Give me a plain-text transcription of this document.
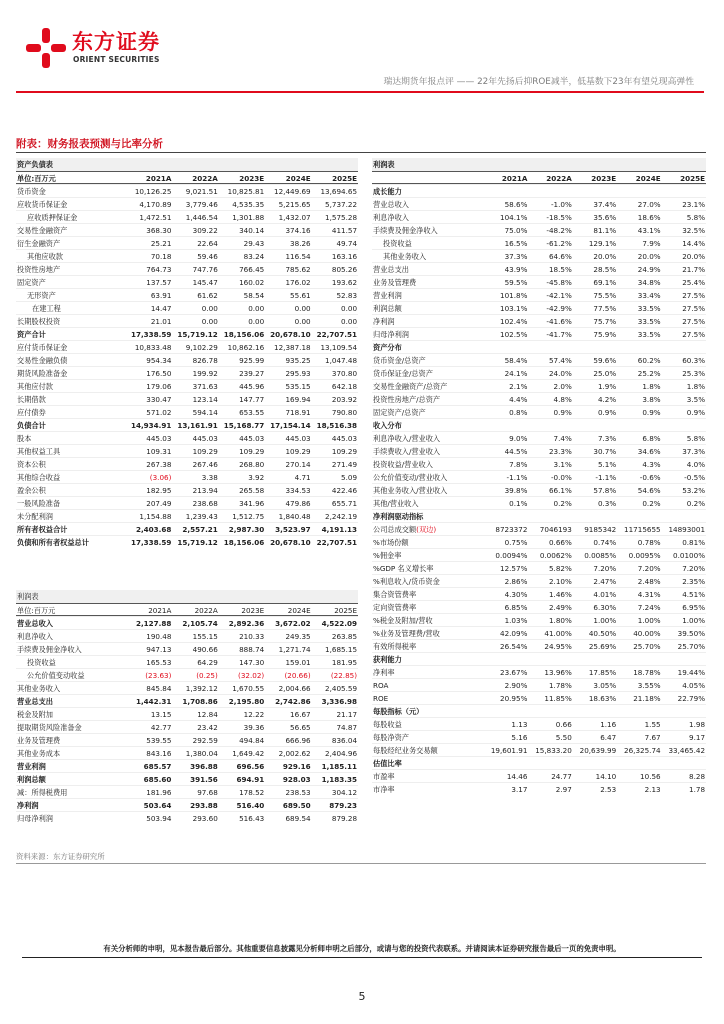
东方证券
ORIENT SECURITIES
瑞达期货年报点评 —— 22年先扬后抑ROE减半，低基数下23年有望兑现高弹性
附表：财务报表预测与比率分析
资产负债表
单位:百万元	2021A	2022A	2023E	2024E	2025E
货币资金	10,126.25	9,021.51	10,825.81	12,449.69	13,694.65
应收货币保证金	4,170.89	3,779.46	4,535.35	5,215.65	5,737.22
应收质押保证金	1,472.51	1,446.54	1,301.88	1,432.07	1,575.28
交易性金融资产	368.30	309.22	340.14	374.16	411.57
衍生金融资产	25.21	22.64	29.43	38.26	49.74
其他应收款	70.18	59.46	83.24	116.54	163.16
投资性房地产	764.73	747.76	766.45	785.62	805.26
固定资产	137.57	145.47	160.02	176.02	193.62
无形资产	63.91	61.62	58.54	55.61	52.83
在建工程	14.47	0.00	0.00	0.00	0.00
长期股权投资	21.01	0.00	0.00	0.00	0.00
资产合计	17,338.59 15,719.12 18,156.06 20,678.10 22,707.51
应付货币保证金	10,833.48	9,102.29	10,862.16	12,387.18	13,109.54
交易性金融负债	954.34	826.78	925.99	935.25	1,047.48
期货风险准备金	176.50	199.92	239.27	295.93	370.80
其他应付款	179.06	371.63	445.96	535.15	642.18
长期借款	330.47	123.14	147.77	169.94	203.92
应付债券	571.02	594.14	653.55	718.91	790.80
负债合计	14,934.91 13,161.91 15,168.77 17,154.14 18,516.38
股本	445.03	445.03	445.03	445.03	445.03
其他权益工具	109.31	109.29	109.29	109.29	109.29
资本公积	267.38	267.46	268.80	270.14	271.49
其他综合收益	(3.06)	3.38	3.92	4.71	5.09
盈余公积	182.95	213.94	265.58	334.53	422.46
一般风险准备	207.49	238.68	341.96	479.86	655.71
未分配利润	1,154.88	1,239.43	1,512.75	1,840.48	2,242.19
所有者权益合计	2,403.68	2,557.21	2,987.30	3,523.97	4,191.13
负债和所有者权益总计	17,338.59 15,719.12 18,156.06 20,678.10 22,707.51
利润表
单位:百万元	2021A	2022A	2023E	2024E	2025E
营业总收入	2,127.88	2,105.74	2,892.36	3,672.02	4,522.09
利息净收入	190.48	155.15	210.33	249.35	263.85
手续费及佣金净收入	947.13	490.66	888.74	1,271.74	1,685.15
投资收益	165.53	64.29	147.30	159.01	181.95
公允价值变动收益	(23.63)	(0.25)	(32.02)	(20.66)	(22.85)
其他业务收入	845.84	1,392.12	1,670.55	2,004.66	2,405.59
营业总支出	1,442.31	1,708.86	2,195.80	2,742.86	3,336.98
税金及附加	13.15	12.84	12.22	16.67	21.17
提取期货风险准备金	42.77	23.42	39.36	56.65	74.87
业务及管理费	539.55	292.59	494.84	666.96	836.04
其他业务成本	843.16	1,380.04	1,649.42	2,002.62	2,404.96
营业利润	685.57	396.88	696.56	929.16	1,185.11
利润总额	685.60	391.56	694.91	928.03	1,183.35
减：所得税费用	181.96	97.68	178.52	238.53	304.12
净利润	503.64	293.88	516.40	689.50	879.23
归母净利润	503.94	293.60	516.43	689.54	879.28
利润表
2021A	2022A	2023E	2024E	2025E
成长能力
营业总收入	58.6%	-1.0%	37.4%	27.0%	23.1%
利息净收入	104.1%	-18.5%	35.6%	18.6%	5.8%
手续费及佣金净收入	75.0%	-48.2%	81.1%	43.1%	32.5%
投资收益	16.5%	-61.2%	129.1%	7.9%	14.4%
其他业务收入	37.3%	64.6%	20.0%	20.0%	20.0%
营业总支出	43.9%	18.5%	28.5%	24.9%	21.7%
业务及管理费	59.5%	-45.8%	69.1%	34.8%	25.4%
营业利润	101.8%	-42.1%	75.5%	33.4%	27.5%
利润总额	103.1%	-42.9%	77.5%	33.5%	27.5%
净利润	102.4%	-41.6%	75.7%	33.5%	27.5%
归母净利润	102.5%	-41.7%	75.9%	33.5%	27.5%
资产分布
货币资金/总资产	58.4%	57.4%	59.6%	60.2%	60.3%
货币保证金/总资产	24.1%	24.0%	25.0%	25.2%	25.3%
交易性金融资产/总资产	2.1%	2.0%	1.9%	1.8%	1.8%
投资性房地产/总资产	4.4%	4.8%	4.2%	3.8%	3.5%
固定资产/总资产	0.8%	0.9%	0.9%	0.9%	0.9%
收入分布
利息净收入/营业收入	9.0%	7.4%	7.3%	6.8%	5.8%
手续费收入/营业收入	44.5%	23.3%	30.7%	34.6%	37.3%
投资收益/营业收入	7.8%	3.1%	5.1%	4.3%	4.0%
公允价值变动/营业收入	-1.1%	-0.0%	-1.1%	-0.6%	-0.5%
其他业务收入/营业收入	39.8%	66.1%	57.8%	54.6%	53.2%
其他/营业收入	0.1%	0.2%	0.3%	0.2%	0.2%
净利润驱动指标
公司总成交额(双边)	8723372	7046193	9185342	11715655	14893001
%市场份额	0.75%	0.66%	0.74%	0.78%	0.81%
%佣金率	0.0094%	0.0062%	0.0085%	0.0095%	0.0100%
%GDP 名义增长率	12.57%	5.82%	7.20%	7.20%	7.20%
%利息收入/货币资金	2.86%	2.10%	2.47%	2.48%	2.35%
集合资管费率	4.30%	1.46%	4.01%	4.31%	4.51%
定向资管费率	6.85%	2.49%	6.30%	7.24%	6.95%
%税金及附加/营收	1.03%	1.80%	1.00%	1.00%	1.00%
%业务及管理费/营收	42.09%	41.00%	40.50%	40.00%	39.50%
有效所得税率	26.54%	24.95%	25.69%	25.70%	25.70%
获利能力
净利率	23.67%	13.96%	17.85%	18.78%	19.44%
ROA	2.90%	1.78%	3.05%	3.55%	4.05%
ROE	20.95%	11.85%	18.63%	21.18%	22.79%
每股指标（元）
每股收益	1.13	0.66	1.16	1.55	1.98
每股净资产	5.16	5.50	6.47	7.67	9.17
每股经纪业务交易额	19,601.91	15,833.20	20,639.99	26,325.74	33,465.42
估值比率
市盈率	14.46	24.77	14.10	10.56	8.28
市净率	3.17	2.97	2.53	2.13	1.78
资料来源：东方证券研究所
有关分析师的申明，见本报告最后部分。其他重要信息披露见分析师申明之后部分，或请与您的投资代表联系。并请阅读本证券研究报告最后一页的免责申明。
5
